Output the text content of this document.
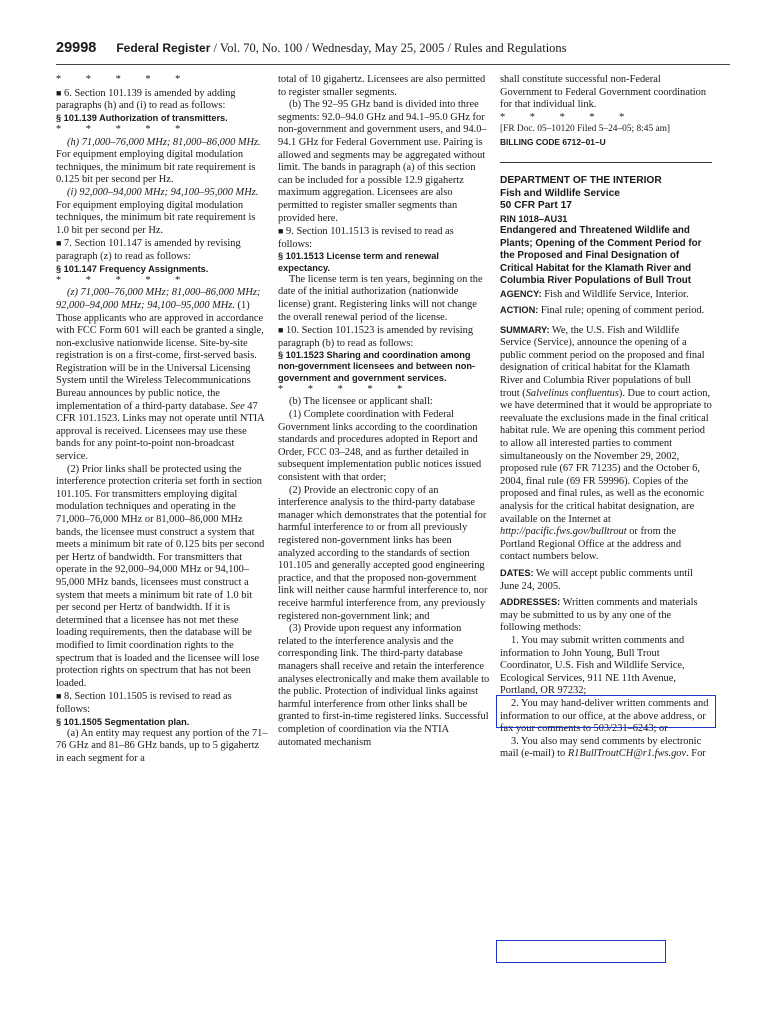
29998 Federal Register / Vol. 70, No. 100 / Wednesday, May 25, 2005 / Rules and Regulations

* * * * *

■ 6. Section 101.139 is amended by adding paragraphs (h) and (i) to read as follows:

§ 101.139 Authorization of transmitters.

* * * * *

(h) 71,000–76,000 MHz; 81,000–86,000 MHz. For equipment employing digital modulation techniques, the minimum bit rate requirement is 0.125 bit per second per Hz.

(i) 92,000–94,000 MHz; 94,100–95,000 MHz. For equipment employing digital modulation techniques, the minimum bit rate requirement is 1.0 bit per second per Hz.

■ 7. Section 101.147 is amended by revising paragraph (z) to read as follows:

§ 101.147 Frequency Assignments.

* * * * *

(z) 71,000–76,000 MHz; 81,000–86,000 MHz; 92,000–94,000 MHz; 94,100–95,000 MHz. (1) Those applicants who are approved in accordance with FCC Form 601 will each be granted a single, non-exclusive nationwide license. Site-by-site registration is on a first-come, first-served basis. Registration will be in the Universal Licensing System until the Wireless Telecommunications Bureau announces by public notice, the implementation of a third-party database. See 47 CFR 101.1523. Links may not operate until NTIA approval is received. Licensees may use these bands for any point-to-point non-broadcast service.

(2) Prior links shall be protected using the interference protection criteria set forth in section 101.105. For transmitters employing digital modulation techniques and operating in the 71,000–76,000 MHz or 81,000–86,000 MHz bands, the licensee must construct a system that meets a minimum bit rate of 0.125 bits per second per Hertz of bandwidth. For transmitters that operate in the 92,000–94,000 MHz or 94,100–95,000 MHz bands, licensees must construct a system that meets a minimum bit rate of 1.0 bit per second per Hertz of bandwidth. If it is determined that a licensee has not met these loading requirements, then the database will be modified to limit coordination rights to the spectrum that is loaded and the licensee will lose protection rights on spectrum that has not been loaded.

■ 8. Section 101.1505 is revised to read as follows:

§ 101.1505 Segmentation plan.

(a) An entity may request any portion of the 71–76 GHz and 81–86 GHz bands, up to 5 gigahertz in each segment for a

total of 10 gigahertz. Licensees are also permitted to register smaller segments.

(b) The 92–95 GHz band is divided into three segments: 92.0–94.0 GHz and 94.1–95.0 GHz for non-government and government users, and 94.0–94.1 GHz for Federal Government use. Pairing is allowed and segments may be aggregated without limit. The bands in paragraph (a) of this section can be included for a possible 12.9 gigahertz maximum aggregation. Licensees are also permitted to register smaller segments than provided here.

■ 9. Section 101.1513 is revised to read as follows:

§ 101.1513 License term and renewal expectancy.

The license term is ten years, beginning on the date of the initial authorization (nationwide license) grant. Registering links will not change the overall renewal period of the license.

■ 10. Section 101.1523 is amended by revising paragraph (b) to read as follows:

§ 101.1523 Sharing and coordination among non-government licensees and between non-government and government services.

* * * * *

(b) The licensee or applicant shall:

(1) Complete coordination with Federal Government links according to the coordination standards and procedures adopted in Report and Order, FCC 03–248, and as further detailed in subsequent implementation public notices issued consistent with that order;

(2) Provide an electronic copy of an interference analysis to the third-party database manager which demonstrates that the potential for harmful interference to or from all previously registered non-government links has been analyzed according to the standards of section 101.105 and generally accepted good engineering practice, and that the proposed non-government link will neither cause harmful interference to, nor receive harmful interference from, any previously registered non-government link; and

(3) Provide upon request any information related to the interference analysis and the corresponding link. The third-party database managers shall receive and retain the interference analyses electronically and make them available to the public. Protection of individual links against harmful interference from other links shall be granted to first-in-time registered links. Successful completion of coordination via the NTIA automated mechanism

shall constitute successful non-Federal Government to Federal Government coordination for that individual link.

* * * * *

[FR Doc. 05–10120 Filed 5–24–05; 8:45 am]

BILLING CODE 6712–01–U

DEPARTMENT OF THE INTERIOR

Fish and Wildlife Service

50 CFR Part 17

RIN 1018–AU31

Endangered and Threatened Wildlife and Plants; Opening of the Comment Period for the Proposed and Final Designation of Critical Habitat for the Klamath River and Columbia River Populations of Bull Trout

AGENCY: Fish and Wildlife Service, Interior.

ACTION: Final rule; opening of comment period.

SUMMARY: We, the U.S. Fish and Wildlife Service (Service), announce the opening of a public comment period on the proposed and final designation of critical habitat for the Klamath River and Columbia River populations of bull trout (Salvelinus confluentus). Due to court action, we have determined that it would be appropriate to reevaluate the exclusions made in the final critical habitat rule. We are opening this comment period to allow all interested parties to comment simultaneously on the November 29, 2002, proposed rule (67 FR 71235) and the October 6, 2004, final rule (69 FR 59996). Copies of the proposed and final rules, as well as the economic analysis for the critical habitat designation, are available on the Internet at http://pacific.fws.gov/bulltrout or from the Portland Regional Office at the address and contact numbers below.

DATES: We will accept public comments until June 24, 2005.

ADDRESSES: Written comments and materials may be submitted to us by any one of the following methods:

1. You may submit written comments and information to John Young, Bull Trout Coordinator, U.S. Fish and Wildlife Service, Ecological Services, 911 NE 11th Avenue, Portland, OR 97232;

2. You may hand-deliver written comments and information to our office, at the above address, or fax your comments to 503/231–6243; or

3. You also may send comments by electronic mail (e-mail) to R1BullTroutCH@r1.fws.gov. For
